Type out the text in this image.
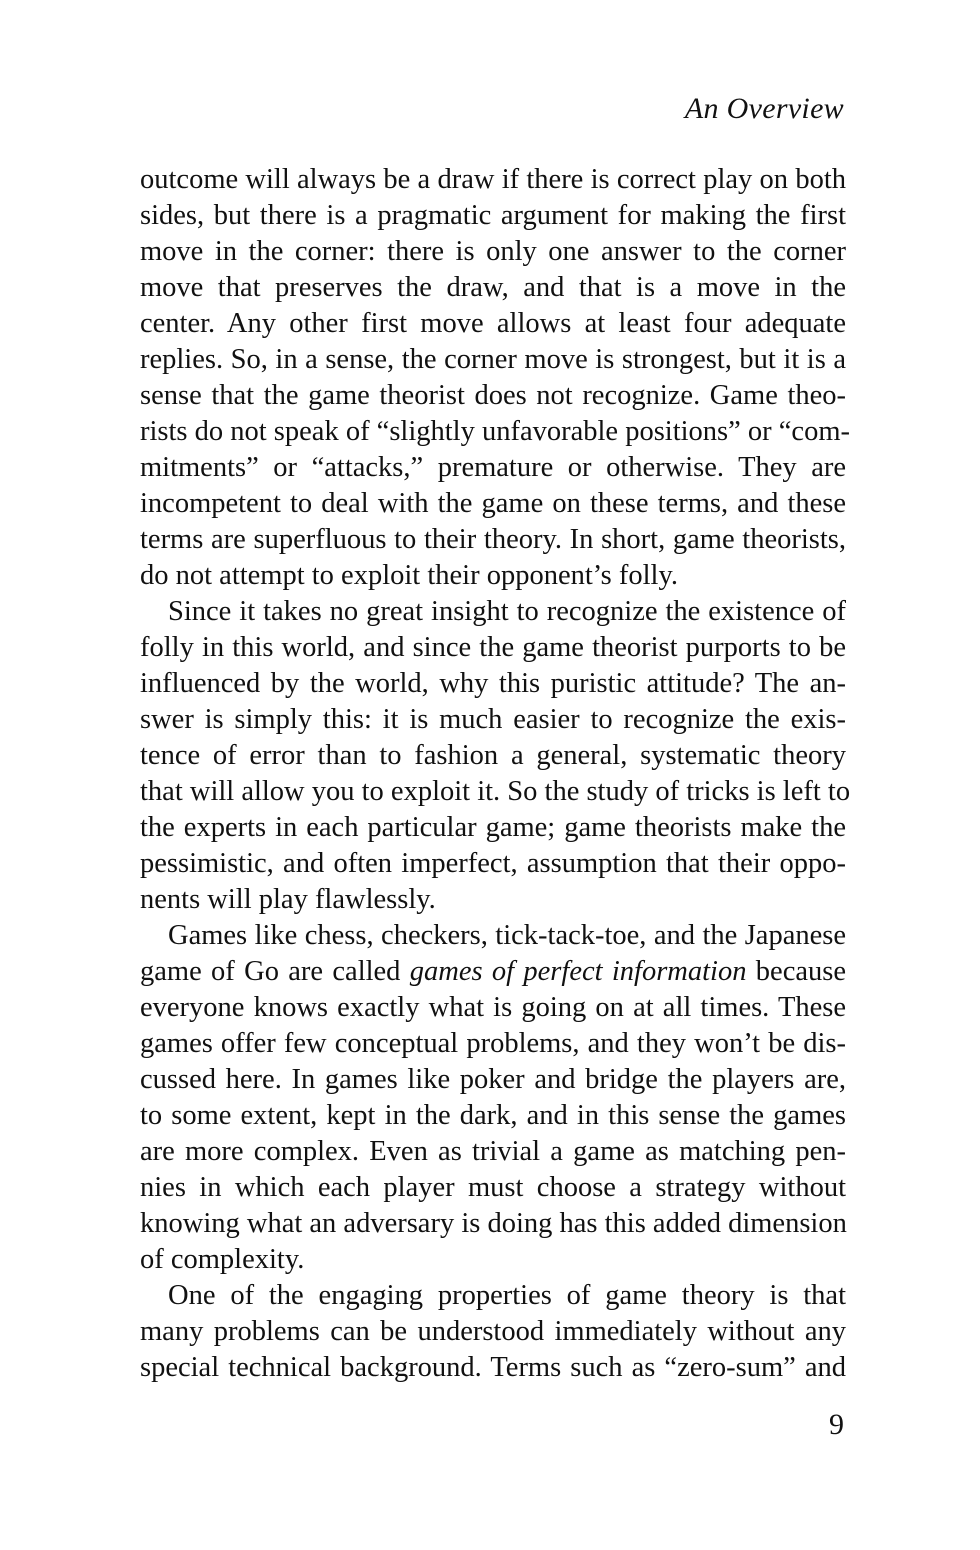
An Overview
outcome will always be a draw if there is correct play on both
sides, but there is a pragmatic argument for making the first
move in the corner: there is only one answer to the corner
move that preserves the draw, and that is a move in the
center. Any other first move allows at least four adequate
replies. So, in a sense, the corner move is strongest, but it is a
sense that the game theorist does not recognize. Game theo-
rists do not speak of “slightly unfavorable positions” or “com-
mitments” or “attacks,” premature or otherwise. They are
incompetent to deal with the game on these terms, and these
terms are superfluous to their theory. In short, game theorists,
do not attempt to exploit their opponent’s folly.
Since it takes no great insight to recognize the existence of
folly in this world, and since the game theorist purports to be
influenced by the world, why this puristic attitude? The an-
swer is simply this: it is much easier to recognize the exis-
tence of error than to fashion a general, systematic theory
that will allow you to exploit it. So the study of tricks is left to
the experts in each particular game; game theorists make the
pessimistic, and often imperfect, assumption that their oppo-
nents will play flawlessly.
Games like chess, checkers, tick-tack-toe, and the Japanese
game of Go are called games of perfect information because
everyone knows exactly what is going on at all times. These
games offer few conceptual problems, and they won’t be dis-
cussed here. In games like poker and bridge the players are,
to some extent, kept in the dark, and in this sense the games
are more complex. Even as trivial a game as matching pen-
nies in which each player must choose a strategy without
knowing what an adversary is doing has this added dimension
of complexity.
One of the engaging properties of game theory is that
many problems can be understood immediately without any
special technical background. Terms such as “zero-sum” and
9
